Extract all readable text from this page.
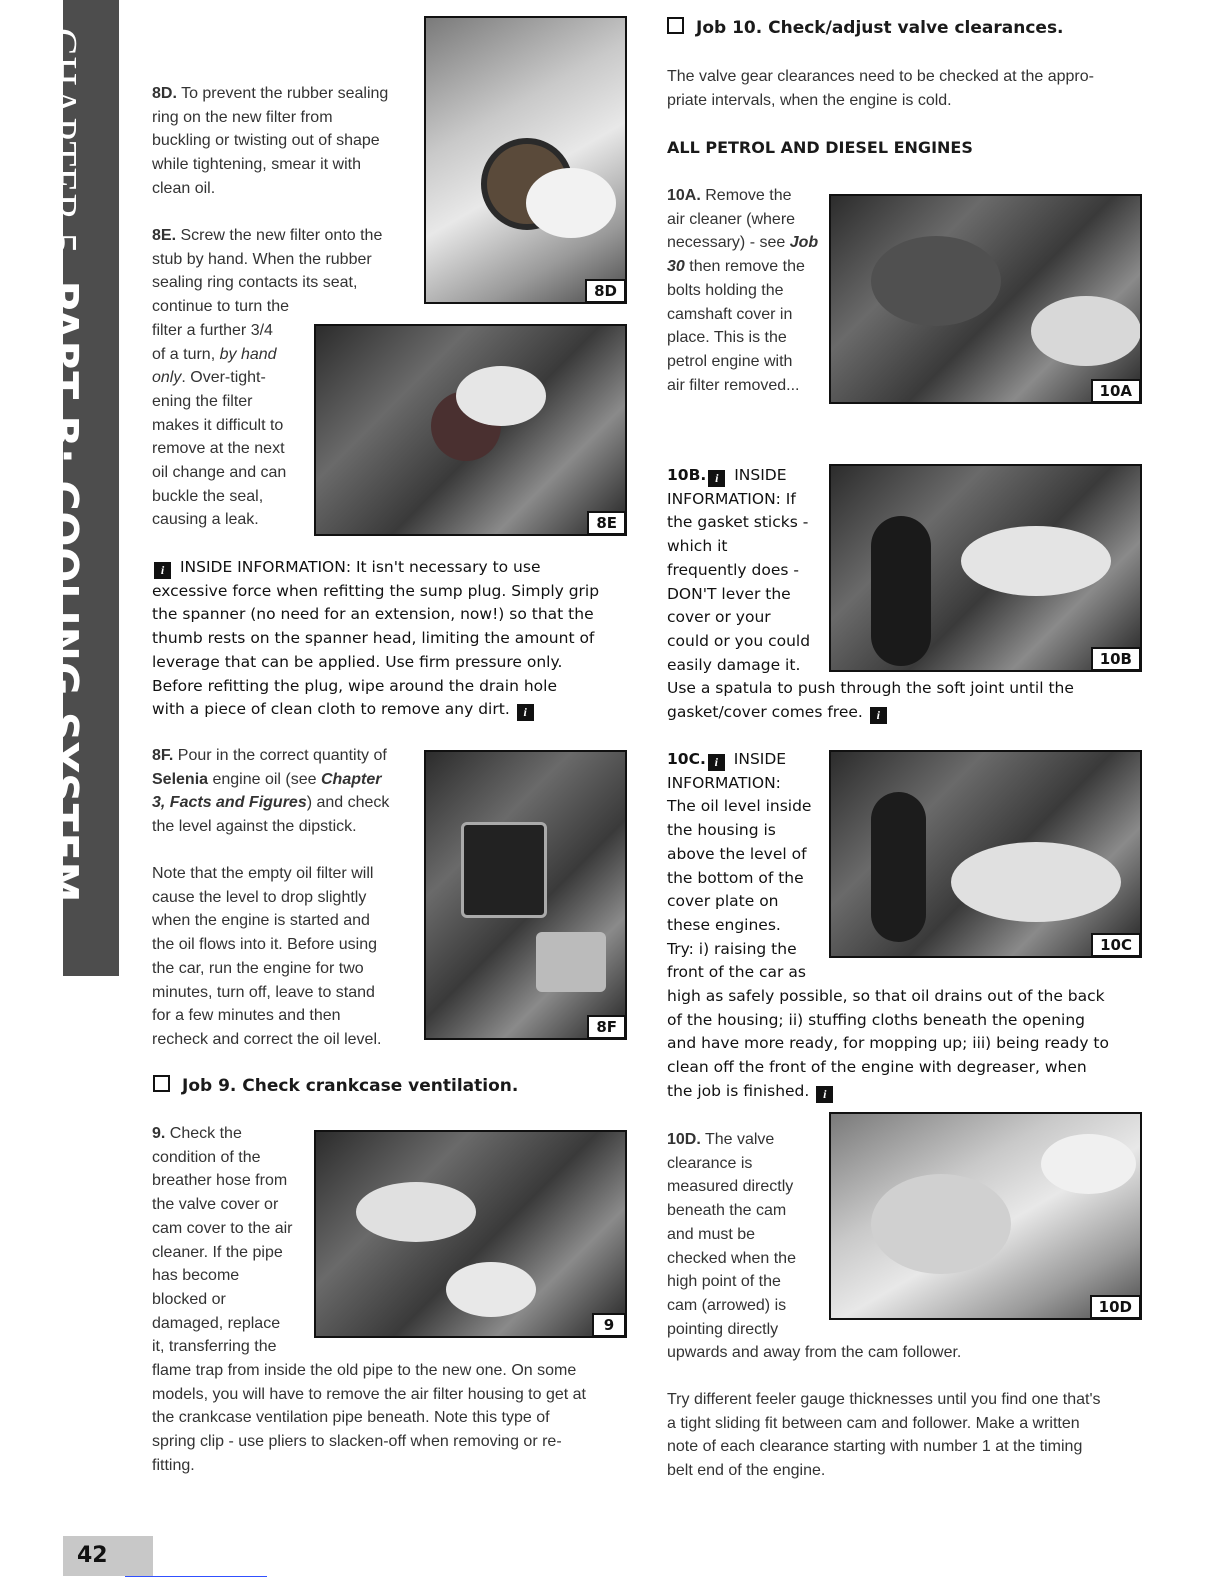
CHAPTER 5PART B: COOLING SYSTEM
8D. To prevent the rubber sealing
ring on the new filter from
buckling or twisting out of shape
while tightening, smear it with
clean oil.
8D
8E. Screw the new filter onto the
stub by hand. When the rubber
sealing ring contacts its seat,
continue to turn the
filter a further 3/4
of a turn, by hand
only. Over-tight-
ening the filter
makes it difficult to
remove at the next
oil change and can
buckle the seal,
causing a leak.	8E
i INSIDE INFORMATION: It isn't necessary to use
excessive force when refitting the sump plug. Simply grip
the spanner (no need for an extension, now!) so that the
thumb rests on the spanner head, limiting the amount of
leverage that can be applied. Use firm pressure only.
Before refitting the plug, wipe around the drain hole
with a piece of clean cloth to remove any dirt. i
8F. Pour in the correct quantity of
Selenia engine oil (see Chapter
3, Facts and Figures) and check
the level against the dipstick.
Note that the empty oil filter will
cause the level to drop slightly
when the engine is started and
the oil flows into it. Before using
the car, run the engine for two
minutes, turn off, leave to stand
for a few minutes and then
recheck and correct the oil level.
8F
Job 9. Check crankcase ventilation.
9. Check the
condition of the
breather hose from
the valve cover or
cam cover to the air
cleaner. If the pipe
has become
blocked or
damaged, replace
it, transferring the
flame trap from inside the old pipe to the new one. On some
models, you will have to remove the air filter housing to get at
the crankcase ventilation pipe beneath. Note this type of
spring clip - use pliers to slacken-off when removing or re-
fitting.
9
Job 10. Check/adjust valve clearances.
The valve gear clearances need to be checked at the appro-
priate intervals, when the engine is cold.
ALL PETROL AND DIESEL ENGINES
10A. Remove the
air cleaner (where
necessary) - see Job
30 then remove the
bolts holding the
camshaft cover in
place. This is the
petrol engine with
air filter removed...	10A
10B. i INSIDE
INFORMATION: If
the gasket sticks -
which it
frequently does -
DON'T lever the
cover or your
could or you could
easily damage it.
Use a spatula to push through the soft joint until the
gasket/cover comes free. i
10B
10C. i INSIDE
INFORMATION:
The oil level inside
the housing is
above the level of
the bottom of the
cover plate on
these engines.
Try: i) raising the
front of the car as
high as safely possible, so that oil drains out of the back
of the housing; ii) stuffing cloths beneath the opening
and have more ready, for mopping up; iii) being ready to
clean off the front of the engine with degreaser, when
the job is finished. i
10C
10D. The valve
clearance is
measured directly
beneath the cam
and must be
checked when the
high point of the
cam (arrowed) is
pointing directly
upwards and away from the cam follower.
10D
Try different feeler gauge thicknesses until you find one that's
a tight sliding fit between cam and follower. Make a written
note of each clearance starting with number 1 at the timing
belt end of the engine.
42
